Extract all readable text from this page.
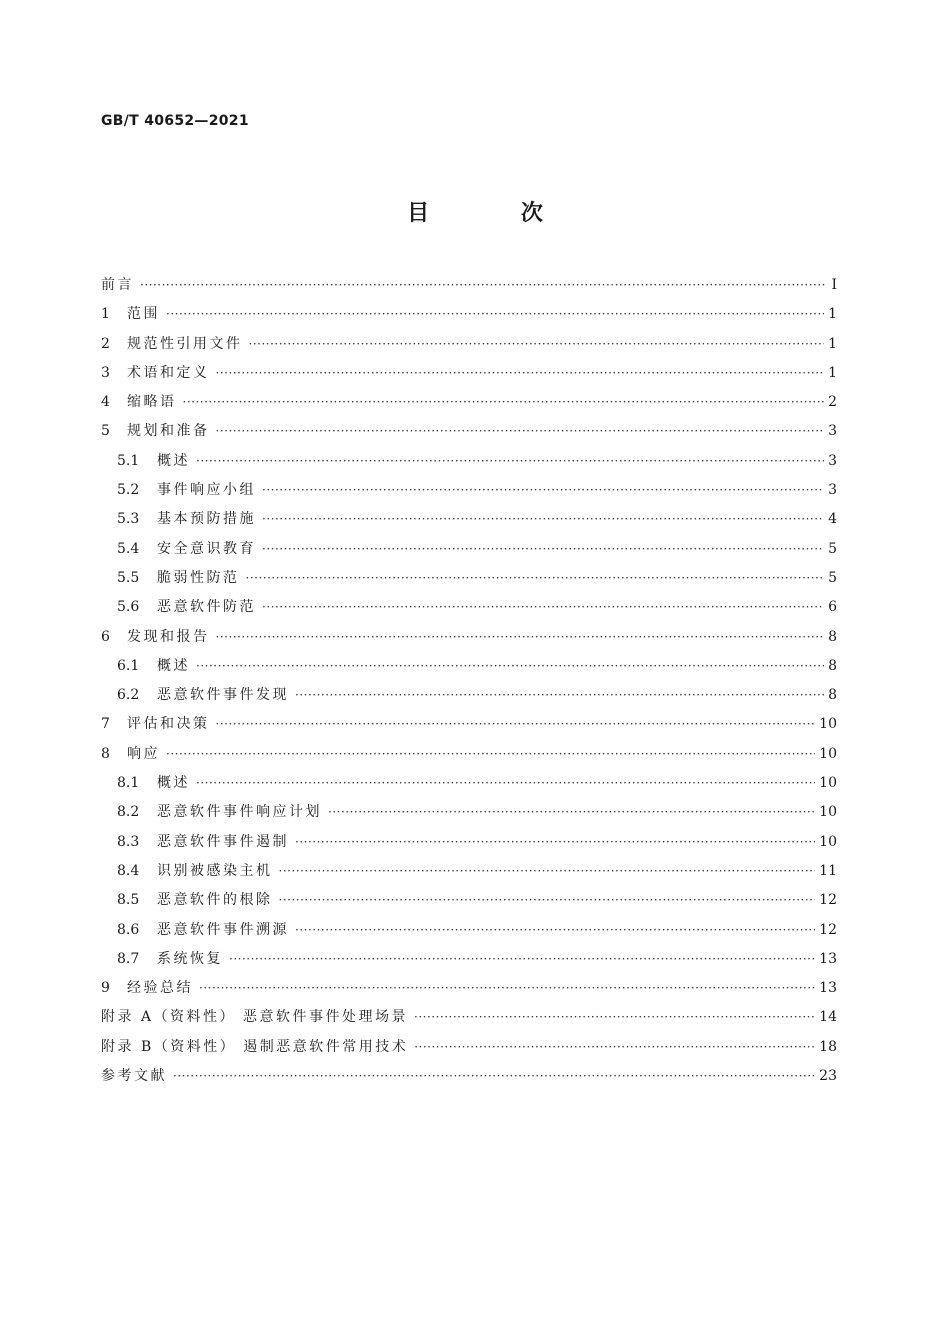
GB/T 40652—2021
目 次
前言 ·····	I
1	范围 ·····	1
2	规范性引用文件 ·····	1
3	术语和定义 ·····	1
4	缩略语 ·····	2
5	规划和准备 ·····	3
5.1	概述 ·····	3
5.2	事件响应小组 ·····	3
5.3	基本预防措施 ·····	4
5.4	安全意识教育 ·····	5
5.5	脆弱性防范 ·····	5
5.6	恶意软件防范 ·····	6
6	发现和报告 ·····	8
6.1	概述 ·····	8
6.2	恶意软件事件发现 ·····	8
7	评估和决策 ·····	10
8	响应 ·····	10
8.1	概述 ·····	10
8.2	恶意软件事件响应计划 ·····	10
8.3	恶意软件事件遏制 ·····	10
8.4	识别被感染主机 ·····	11
8.5	恶意软件的根除 ·····	12
8.6	恶意软件事件溯源 ·····	12
8.7	系统恢复 ·····	13
9	经验总结 ·····	13
附录 A（资料性） 恶意软件事件处理场景 ·····	14
附录 B（资料性） 遏制恶意软件常用技术 ·····	18
参考文献 ·····	23
